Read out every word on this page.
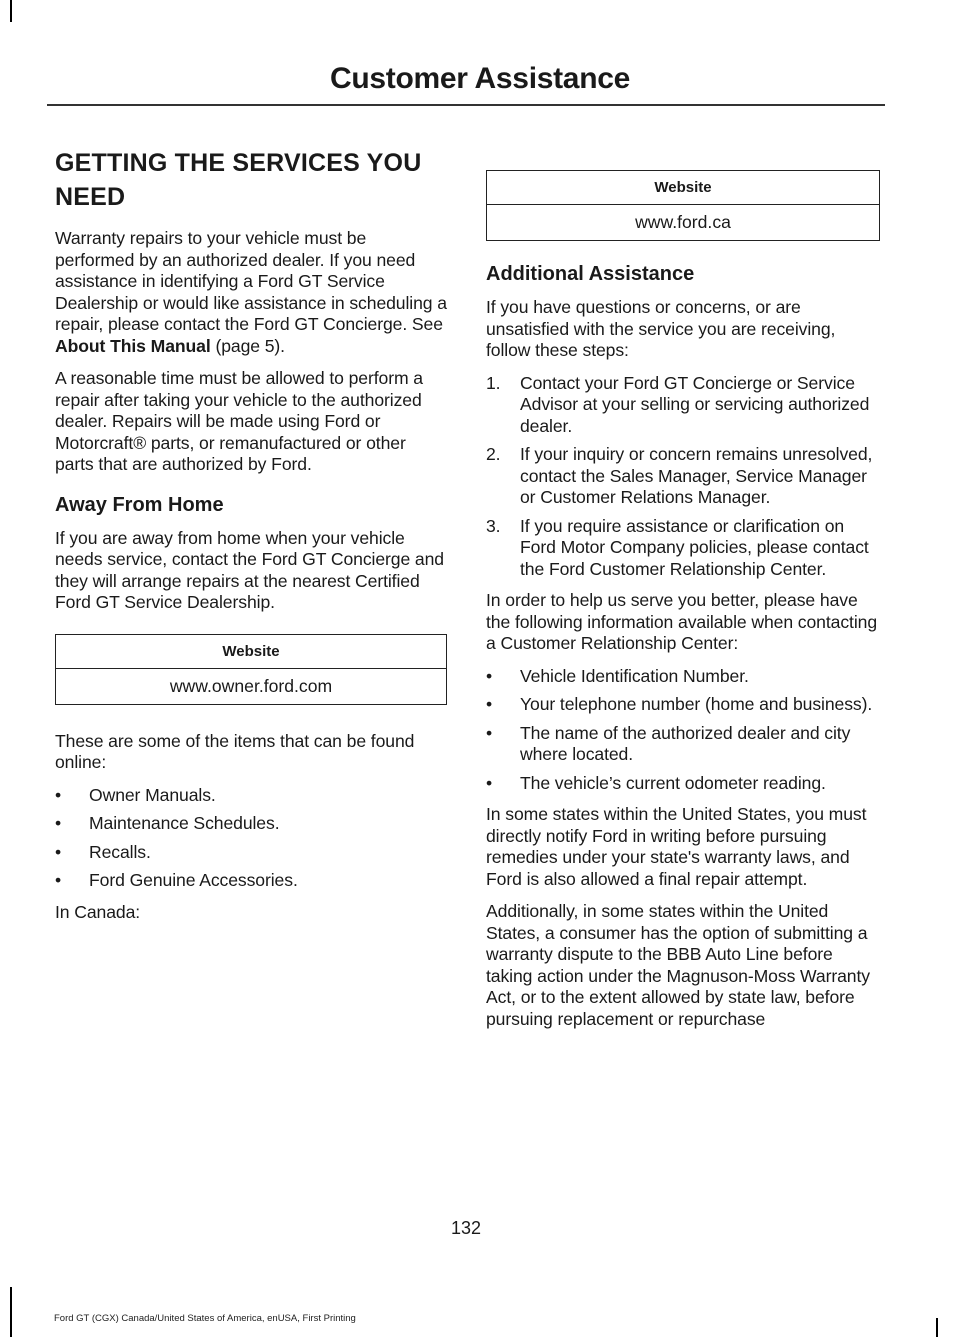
Customer Assistance
GETTING THE SERVICES YOU NEED

Warranty repairs to your vehicle must be performed by an authorized dealer. If you need assistance in identifying a Ford GT Service Dealership or would like assistance in scheduling a repair, please contact the Ford GT Concierge. See About This Manual (page 5).

A reasonable time must be allowed to perform a repair after taking your vehicle to the authorized dealer. Repairs will be made using Ford or Motorcraft® parts, or remanufactured or other parts that are authorized by Ford.

Away From Home

If you are away from home when your vehicle needs service, contact the Ford GT Concierge and they will arrange repairs at the nearest Certified Ford GT Service Dealership.

Website
www.owner.ford.com

These are some of the items that can be found online:

• Owner Manuals.
• Maintenance Schedules.
• Recalls.
• Ford Genuine Accessories.

In Canada:

Website
www.ford.ca
Additional Assistance

If you have questions or concerns, or are unsatisfied with the service you are receiving, follow these steps:

1. Contact your Ford GT Concierge or Service Advisor at your selling or servicing authorized dealer.
2. If your inquiry or concern remains unresolved, contact the Sales Manager, Service Manager or Customer Relations Manager.
3. If you require assistance or clarification on Ford Motor Company policies, please contact the Ford Customer Relationship Center.

In order to help us serve you better, please have the following information available when contacting a Customer Relationship Center:

• Vehicle Identification Number.
• Your telephone number (home and business).
• The name of the authorized dealer and city where located.
• The vehicle’s current odometer reading.

In some states within the United States, you must directly notify Ford in writing before pursuing remedies under your state's warranty laws, and Ford is also allowed a final repair attempt.

Additionally, in some states within the United States, a consumer has the option of submitting a warranty dispute to the BBB Auto Line before taking action under the Magnuson-Moss Warranty Act, or to the extent allowed by state law, before pursuing replacement or repurchase

132
Ford GT (CGX) Canada/United States of America, enUSA, First Printing
